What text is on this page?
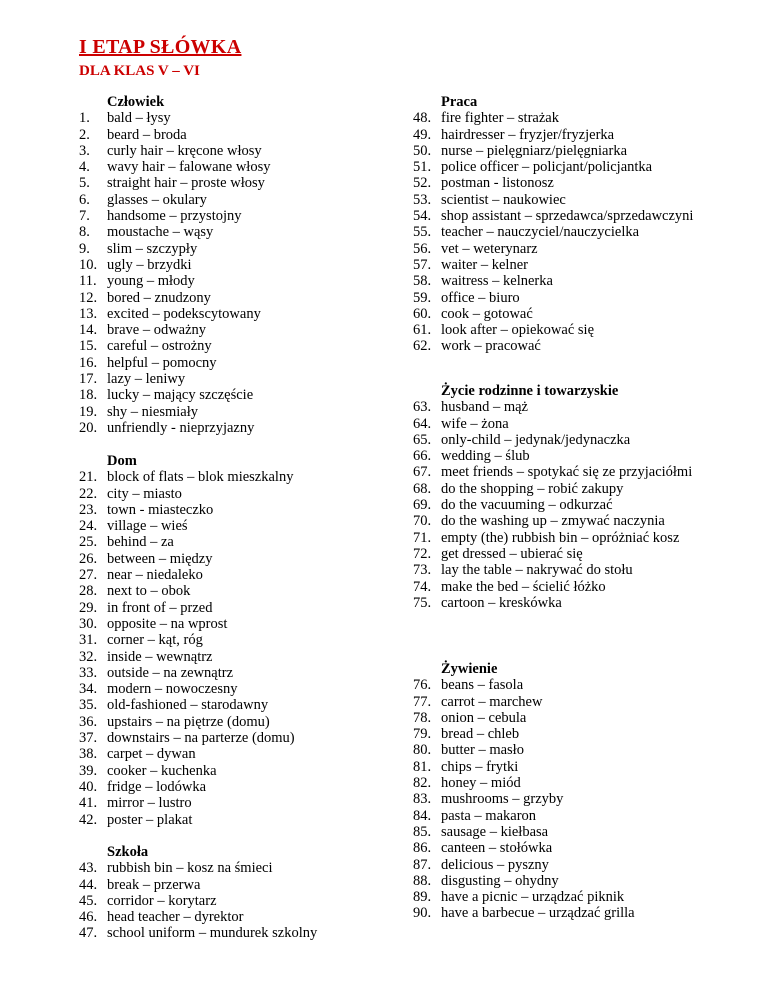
I ETAP SŁÓWKA
DLA KLAS V – VI
Człowiek
1. bald – łysy
2. beard – broda
3. curly hair – kręcone włosy
4. wavy hair – falowane włosy
5. straight hair – proste włosy
6. glasses – okulary
7. handsome – przystojny
8. moustache – wąsy
9. slim – szczypły
10. ugly – brzydki
11. young – młody
12. bored – znudzony
13. excited – podekscytowany
14. brave – odważny
15. careful – ostrożny
16. helpful – pomocny
17. lazy – leniwy
18. lucky – mający szczęście
19. shy – niesmiały
20. unfriendly - nieprzyjazny
Dom
21. block of flats – blok mieszkalny
22. city – miasto
23. town - miasteczko
24. village – wieś
25. behind – za
26. between – między
27. near – niedaleko
28. next to – obok
29. in front of – przed
30. opposite – na wprost
31. corner – kąt, róg
32. inside – wewnątrz
33. outside – na zewnątrz
34. modern – nowoczesny
35. old-fashioned – starodawny
36. upstairs – na piętrze (domu)
37. downstairs – na parterze (domu)
38. carpet – dywan
39. cooker – kuchenka
40. fridge – lodówka
41. mirror – lustro
42. poster – plakat
Szkoła
43. rubbish bin – kosz na śmieci
44. break – przerwa
45. corridor – korytarz
46. head teacher – dyrektor
47. school uniform – mundurek szkolny
Praca
48. fire fighter – strażak
49. hairdresser – fryzjer/fryzjerka
50. nurse – pielęgniarz/pielęgniarka
51. police officer – policjant/policjantka
52. postman - listonosz
53. scientist – naukowiec
54. shop assistant – sprzedawca/sprzedawczyni
55. teacher – nauczyciel/nauczycielka
56. vet – weterynarz
57. waiter – kelner
58. waitress – kelnerka
59. office – biuro
60. cook – gotować
61. look after – opiekować się
62. work – pracować
Życie rodzinne i towarzyskie
63. husband – mąż
64. wife – żona
65. only-child – jedynak/jedynaczka
66. wedding – ślub
67. meet friends – spotykać się ze przyjaciółmi
68. do the shopping – robić zakupy
69. do the vacuuming – odkurzać
70. do the washing up – zmywać naczynia
71. empty (the) rubbish bin – opróżniać kosz
72. get dressed – ubierać się
73. lay the table – nakrywać do stołu
74. make the bed – ścielić łóżko
75. cartoon – kreskówka
Żywienie
76. beans – fasola
77. carrot – marchew
78. onion – cebula
79. bread – chleb
80. butter – masło
81. chips – frytki
82. honey – miód
83. mushrooms – grzyby
84. pasta – makaron
85. sausage – kiełbasa
86. canteen – stołówka
87. delicious – pyszny
88. disgusting – ohydny
89. have a picnic – urządzać piknik
90. have a barbecue – urządzać grilla
